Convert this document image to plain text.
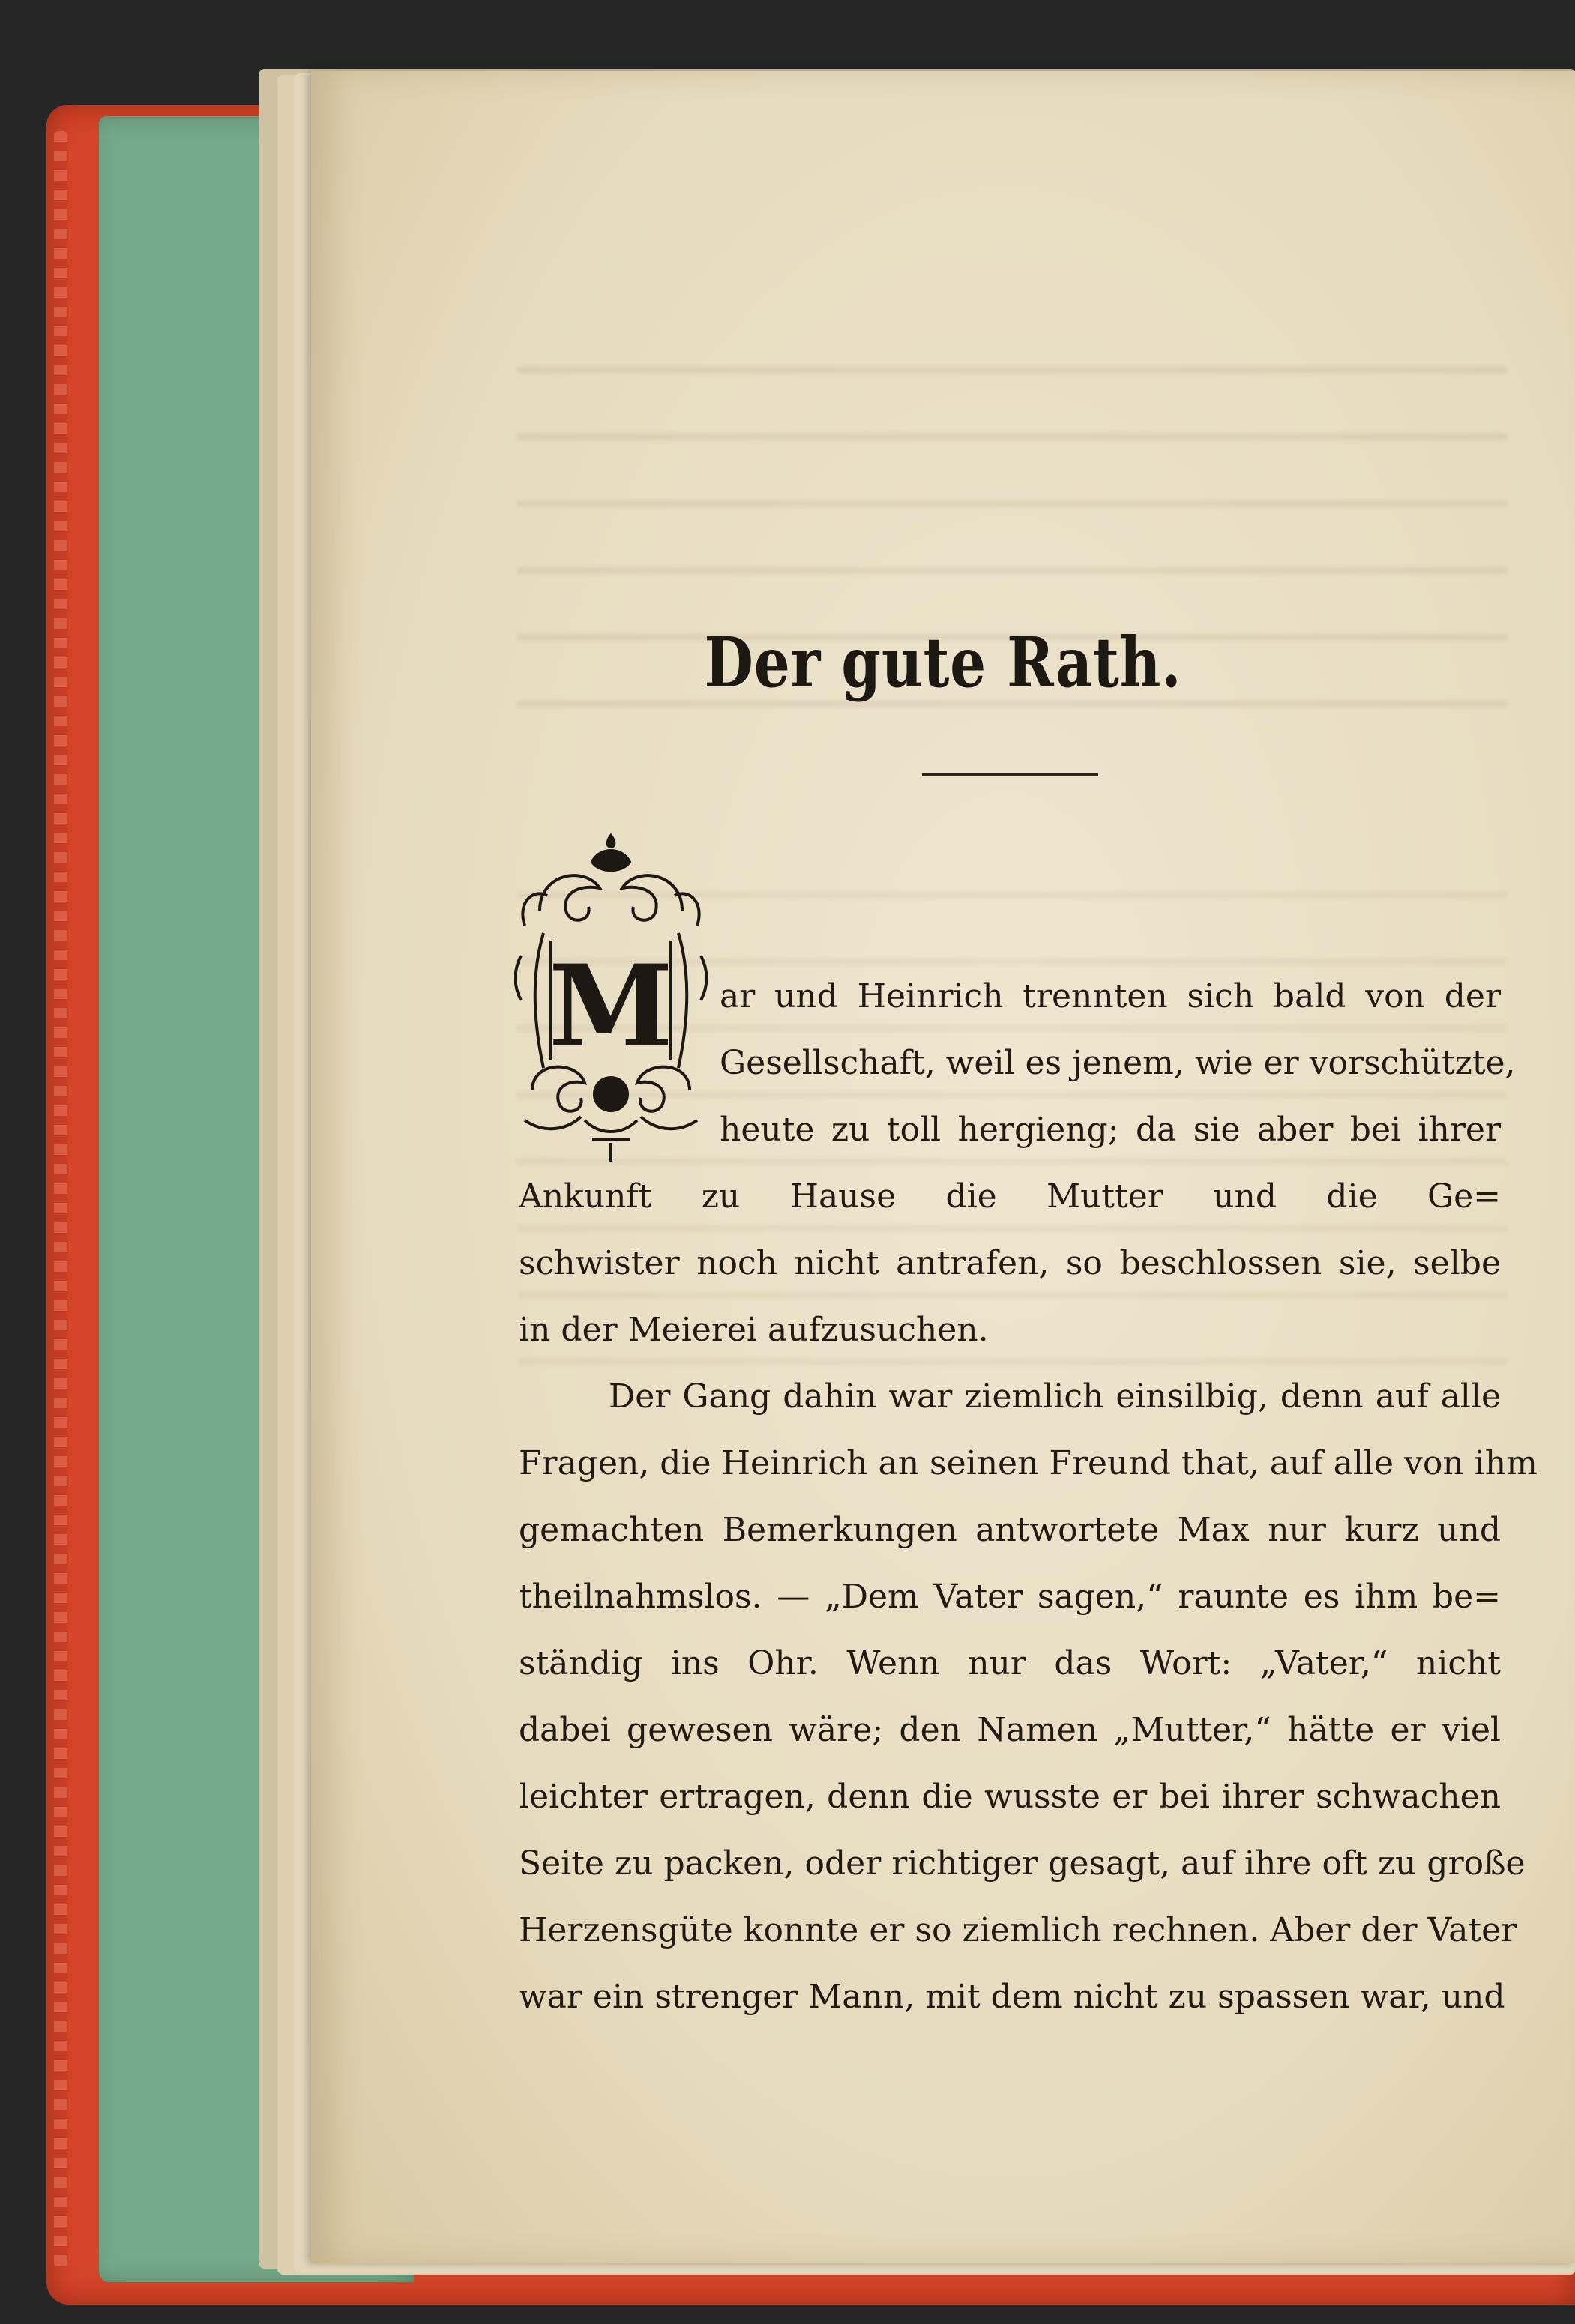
Der gute Rath.
M	ar und Heinrich trennten sich bald von der
Gesellschaft, weil es jenem, wie er vorschützte,
heute zu toll hergieng; da sie aber bei ihrer
Ankunft zu Hause die Mutter und die Ge=
schwister noch nicht antrafen, so beschlossen sie, selbe
in der Meierei aufzusuchen.
Der Gang dahin war ziemlich einsilbig, denn auf alle
Fragen, die Heinrich an seinen Freund that, auf alle von ihm
gemachten Bemerkungen antwortete Max nur kurz und
theilnahmslos. — „Dem Vater sagen,“ raunte es ihm be=
ständig ins Ohr. Wenn nur das Wort: „Vater,“ nicht
dabei gewesen wäre; den Namen „Mutter,“ hätte er viel
leichter ertragen, denn die wusste er bei ihrer schwachen
Seite zu packen, oder richtiger gesagt, auf ihre oft zu große
Herzensgüte konnte er so ziemlich rechnen. Aber der Vater
war ein strenger Mann, mit dem nicht zu spassen war, und
